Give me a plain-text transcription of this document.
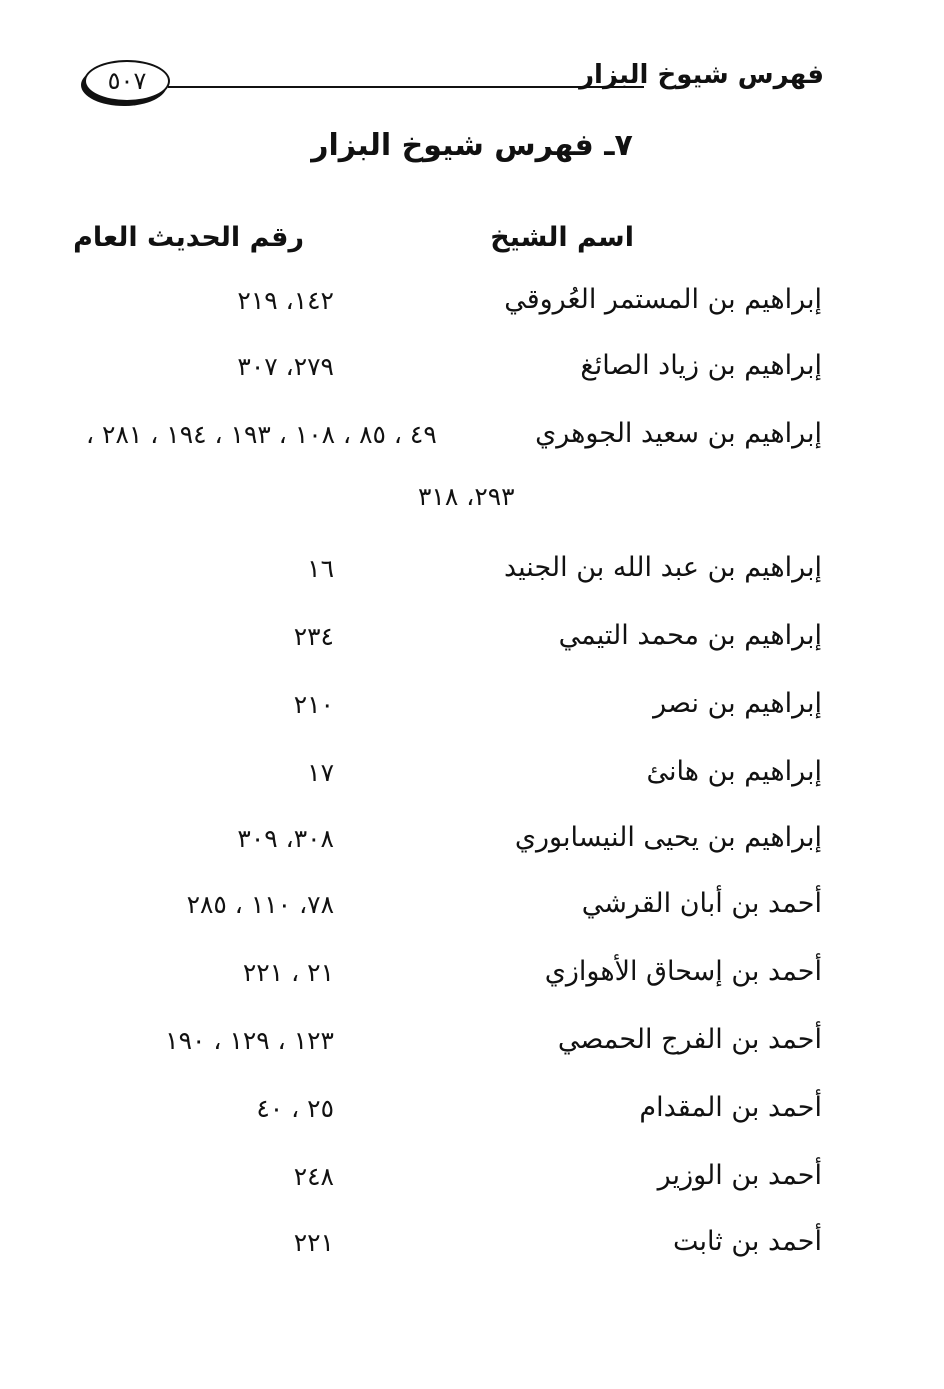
٥٠٧	فهرس شيوخ البزار
٧ـ فهرس شيوخ البزار
اسم الشيخ
رقم الحديث العام
إبراهيم بن المستمر العُروقي
١٤٢، ٢١٩
إبراهيم بن زياد الصائغ
٢٧٩، ٣٠٧
إبراهيم بن سعيد الجوهري
٤٩ ، ٨٥ ، ١٠٨ ، ١٩٣ ، ١٩٤ ، ٢٨١ ،
٢٩٣، ٣١٨
إبراهيم بن عبد الله بن الجنيد
١٦
إبراهيم بن محمد التيمي
٢٣٤
إبراهيم بن نصر
٢١٠
إبراهيم بن هانئ
١٧
إبراهيم بن يحيى النيسابوري
٣٠٨، ٣٠٩
أحمد بن أبان القرشي
٧٨، ١١٠ ، ٢٨٥
أحمد بن إسحاق الأهوازي
٢١ ، ٢٢١
أحمد بن الفرج الحمصي
١٢٣ ، ١٢٩ ، ١٩٠
أحمد بن المقدام
٢٥ ، ٤٠
أحمد بن الوزير
٢٤٨
أحمد بن ثابت
٢٢١
